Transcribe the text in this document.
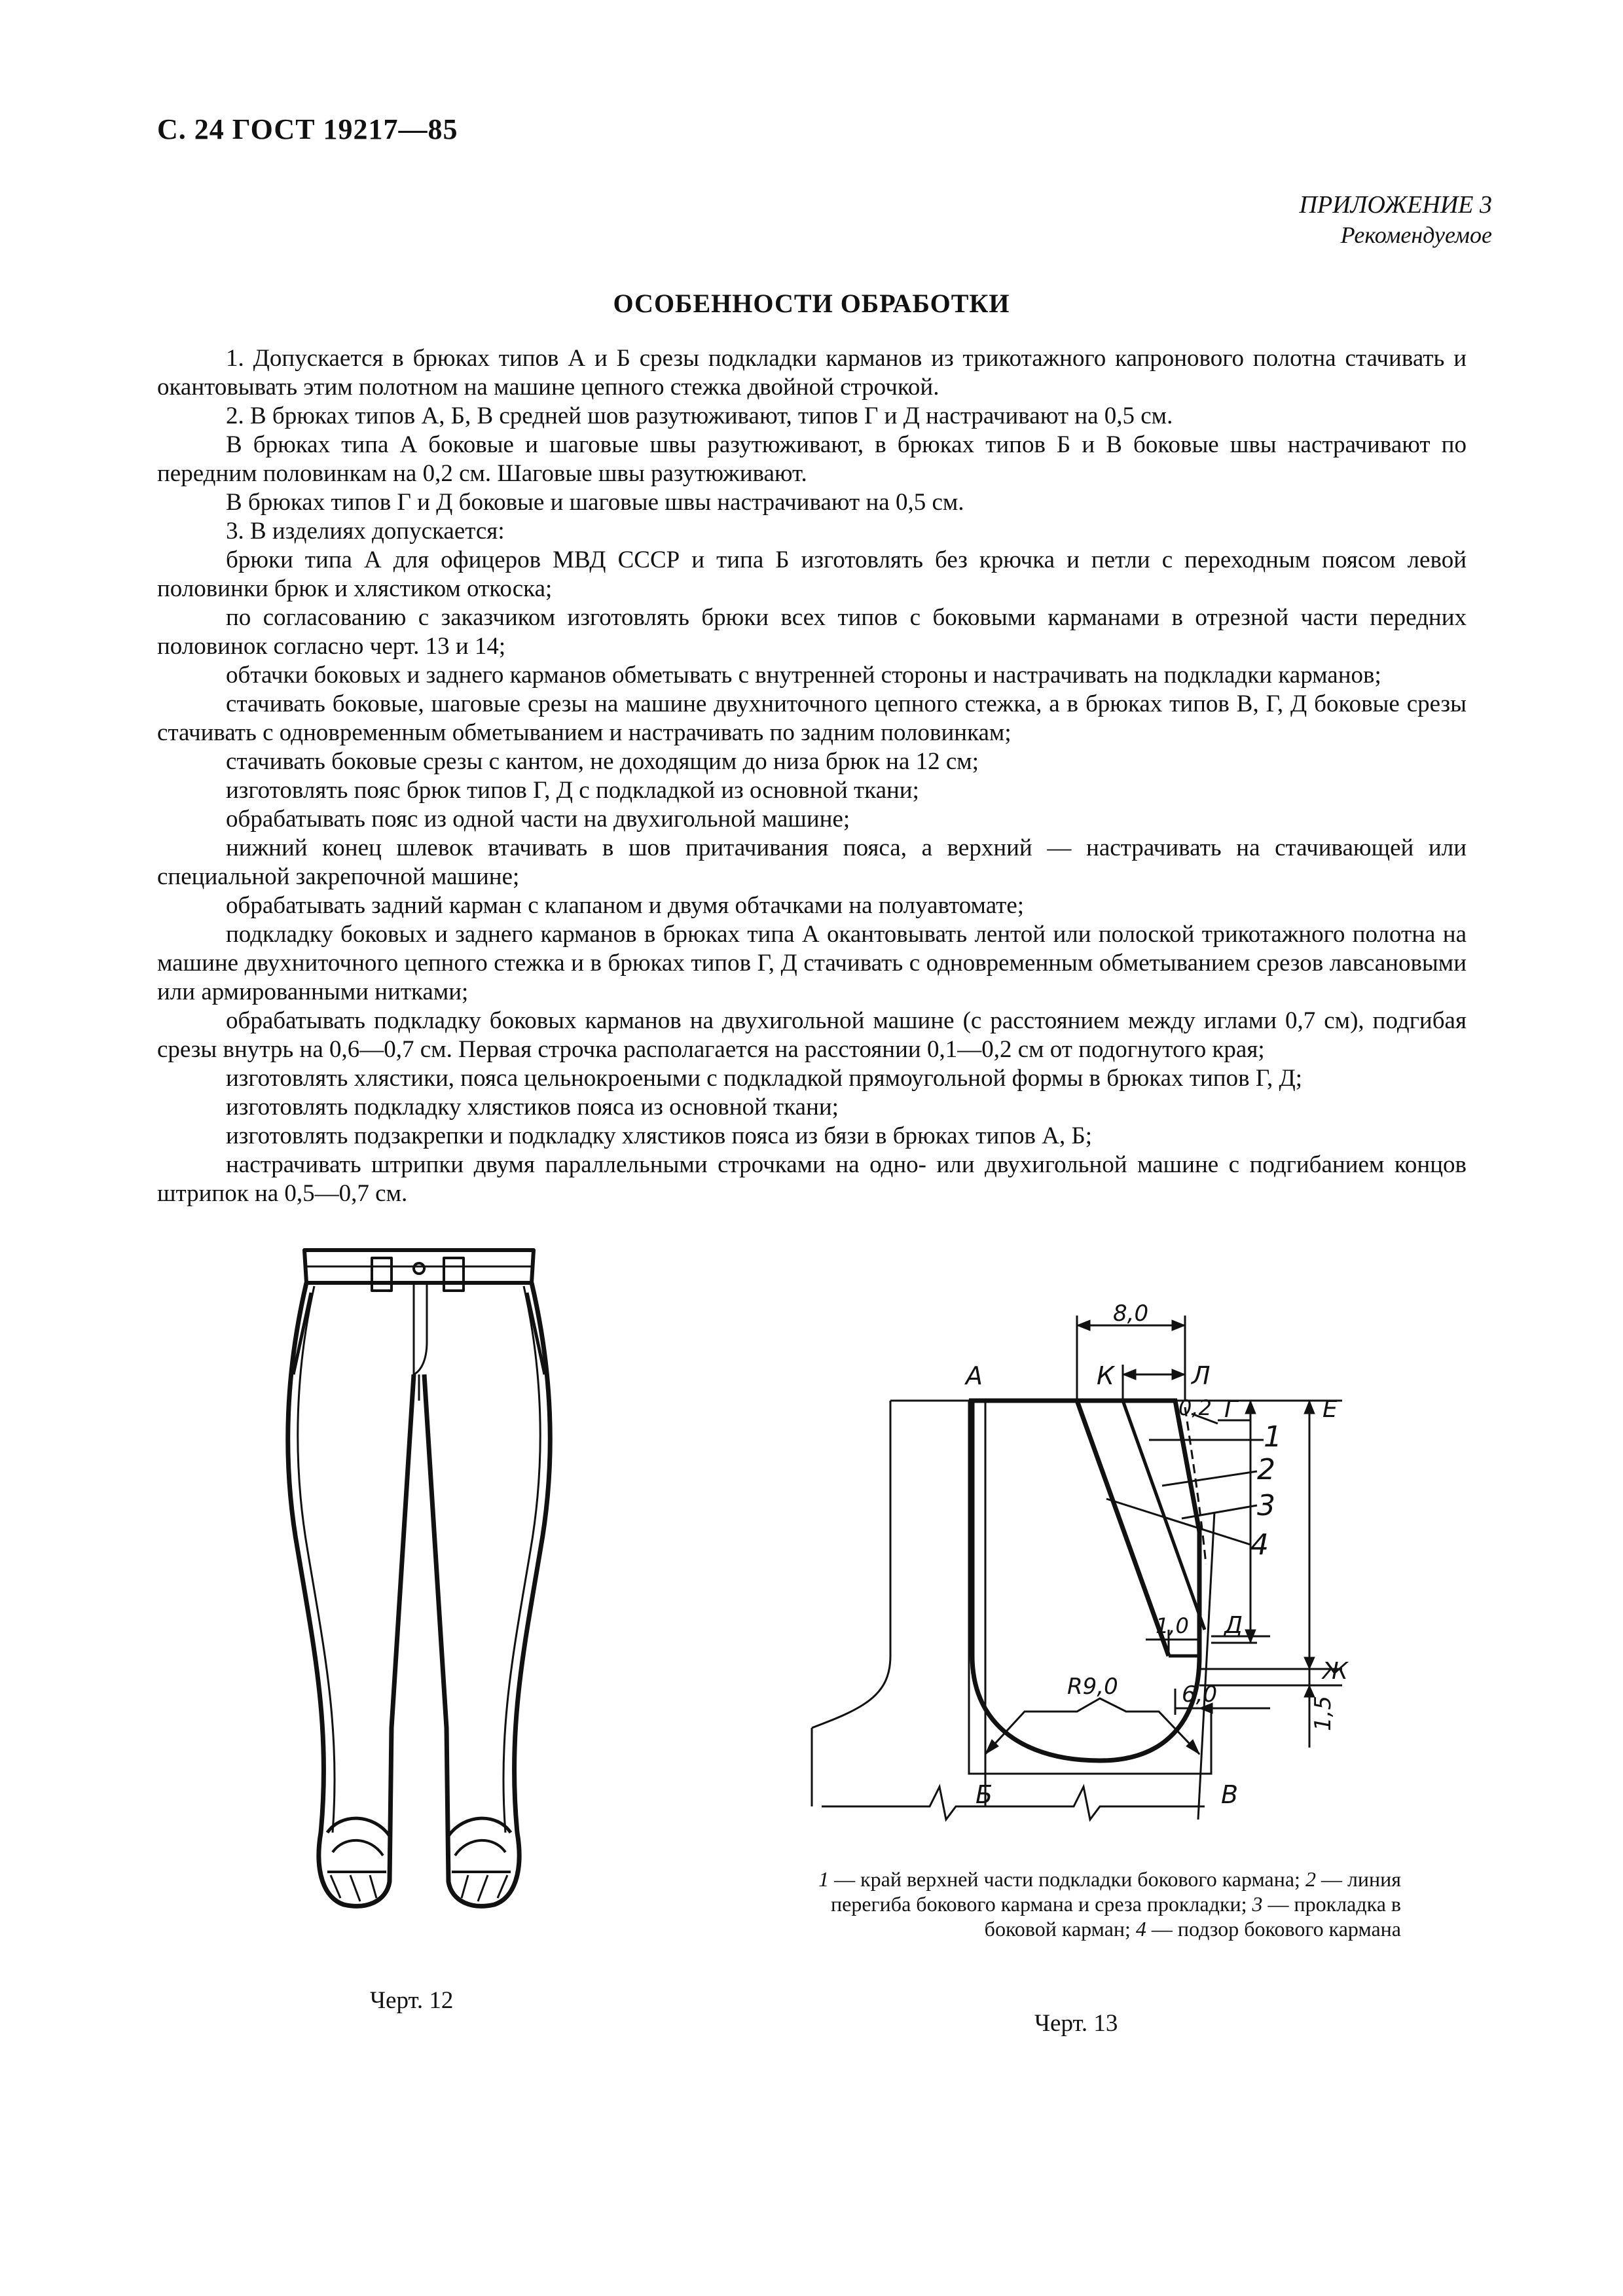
С. 24 ГОСТ 19217—85
ПРИЛОЖЕНИЕ 3
Рекомендуемое
ОСОБЕННОСТИ ОБРАБОТКИ

1. Допускается в брюках типов А и Б срезы подкладки карманов из трикотажного капронового полотна стачивать и окантовывать этим полотном на машине цепного стежка двойной строчкой.

2. В брюках типов А, Б, В средней шов разутюживают, типов Г и Д настрачивают на 0,5 см.

В брюках типа А боковые и шаговые швы разутюживают, в брюках типов Б и В боковые швы настрачивают по передним половинкам на 0,2 см. Шаговые швы разутюживают.

В брюках типов Г и Д боковые и шаговые швы настрачивают на 0,5 см.

3. В изделиях допускается:

брюки типа А для офицеров МВД СССР и типа Б изготовлять без крючка и петли с переходным поясом левой половинки брюк и хлястиком откоска;

по согласованию с заказчиком изготовлять брюки всех типов с боковыми карманами в отрезной части передних половинок согласно черт. 13 и 14;

обтачки боковых и заднего карманов обметывать с внутренней стороны и настрачивать на подкладки карманов;

стачивать боковые, шаговые срезы на машине двухниточного цепного стежка, а в брюках типов В, Г, Д боковые срезы стачивать с одновременным обметыванием и настрачивать по задним половинкам;

стачивать боковые срезы с кантом, не доходящим до низа брюк на 12 см;

изготовлять пояс брюк типов Г, Д с подкладкой из основной ткани;

обрабатывать пояс из одной части на двухигольной машине;

нижний конец шлевок втачивать в шов притачивания пояса, а верхний — настрачивать на стачивающей или специальной закрепочной машине;

обрабатывать задний карман с клапаном и двумя обтачками на полуавтомате;

подкладку боковых и заднего карманов в брюках типа А окантовывать лентой или полоской трикотажного полотна на машине двухниточного цепного стежка и в брюках типов Г, Д стачивать с одновременным обметыванием срезов лавсановыми или армированными нитками;

обрабатывать подкладку боковых карманов на двухигольной машине (с расстоянием между иглами 0,7 см), подгибая срезы внутрь на 0,6—0,7 см. Первая строчка располагается на расстоянии 0,1—0,2 см от подогнутого края;

изготовлять хлястики, пояса цельнокроеными с подкладкой прямоугольной формы в брюках типов Г, Д;

изготовлять подкладку хлястиков пояса из основной ткани;

изготовлять подзакрепки и подкладку хлястиков пояса из бязи в брюках типов А, Б;

настрачивать штрипки двумя параллельными строчками на одно- или двухигольной машине с подгибанием концов штрипок на 0,5—0,7 см.

Черт. 12
А	К	Л
Г	Е
Д
Ж
Б	В
1
2
3
4
8,0
0,2
1,0
R9,0	6,0
1,5
1 — край верхней части подкладки бокового кармана; 2 — линия перегиба бокового кармана и среза прокладки; 3 — прокладка в боковой карман; 4 — подзор бокового кармана
Черт. 13
